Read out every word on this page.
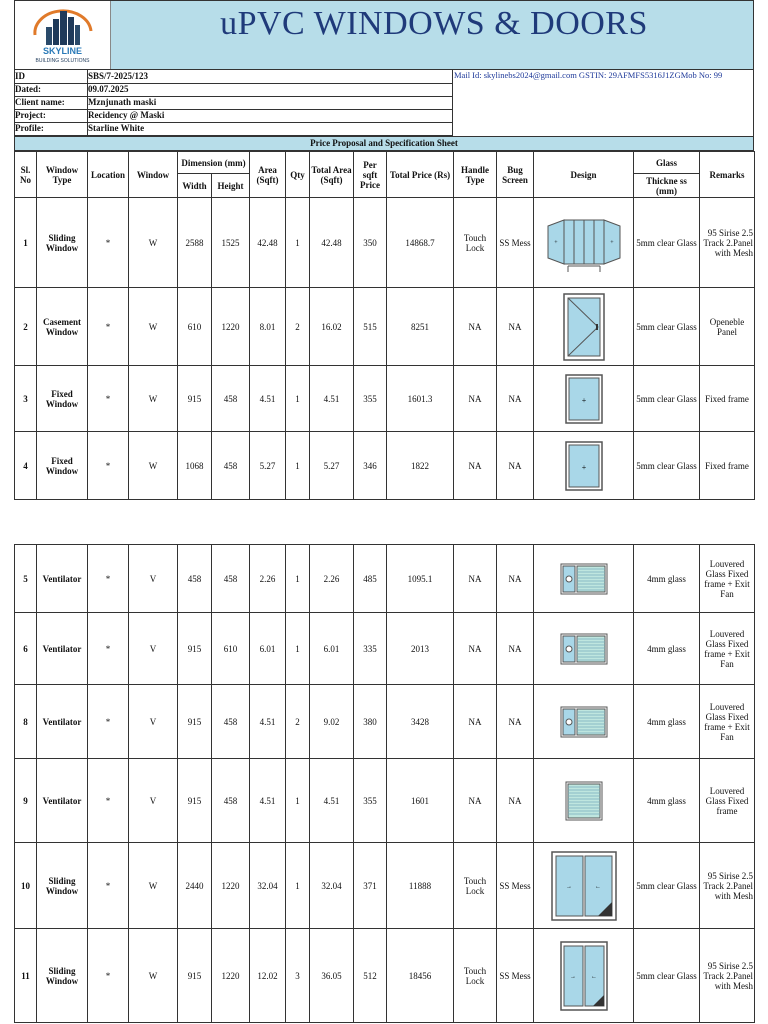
SKYLINE
BUILDING SOLUTIONS
uPVC WINDOWS & DOORS
ID	SBS/7-2025/123
Dated:	09.07.2025
Client name:	Mznjunath maski
Project:	Recidency @ Maski
Profile:	Starline White
Mail Id: skylinebs2024@gmail.com GSTIN: 29AFMFS5316J1ZGMob No: 99
Price Proposal and Specification Sheet
Sl. No	Window Type	Location	Window	Dimension (mm)		Area (Sqft)	Qty	Total Area (Sqft)	Per sqft Price	Total Price (Rs)	Handle Type	Bug Screen	Design	Glass	Remarks
				Width	Height									Thickne ss (mm)	
1	Sliding Window	*	W	2588	1525	42.48	1	42.48	350	14868.7	Touch Lock	SS Mess	+ +	5mm clear Glass	95 Sirise 2.5 Track 2.Panel with Mesh
2	Casement Window	*	W	610	1220	8.01	2	16.02	515	8251	NA	NA		5mm clear Glass	Openeble Panel
3	Fixed Window	*	W	915	458	4.51	1	4.51	355	1601.3	NA	NA	+	5mm clear Glass	Fixed frame
4	Fixed Window	*	W	1068	458	5.27	1	5.27	346	1822	NA	NA	+	5mm clear Glass	Fixed frame
5	Ventilator	*	V	458	458	2.26	1	2.26	485	1095.1	NA	NA		4mm glass	Louvered Glass Fixed frame + Exit Fan
6	Ventilator	*	V	915	610	6.01	1	6.01	335	2013	NA	NA		4mm glass	Louvered Glass Fixed frame + Exit Fan
8	Ventilator	*	V	915	458	4.51	2	9.02	380	3428	NA	NA		4mm glass	Louvered Glass Fixed frame + Exit Fan
9	Ventilator	*	V	915	458	4.51	1	4.51	355	1601	NA	NA		4mm glass	Louvered Glass Fixed frame
10	Sliding Window	*	W	2440	1220	32.04	1	32.04	371	11888	Touch Lock	SS Mess	→ ←	5mm clear Glass	95 Sirise 2.5 Track 2.Panel with Mesh
11	Sliding Window	*	W	915	1220	12.02	3	36.05	512	18456	Touch Lock	SS Mess	→ ←	5mm clear Glass	95 Sirise 2.5 Track 2.Panel with Mesh
